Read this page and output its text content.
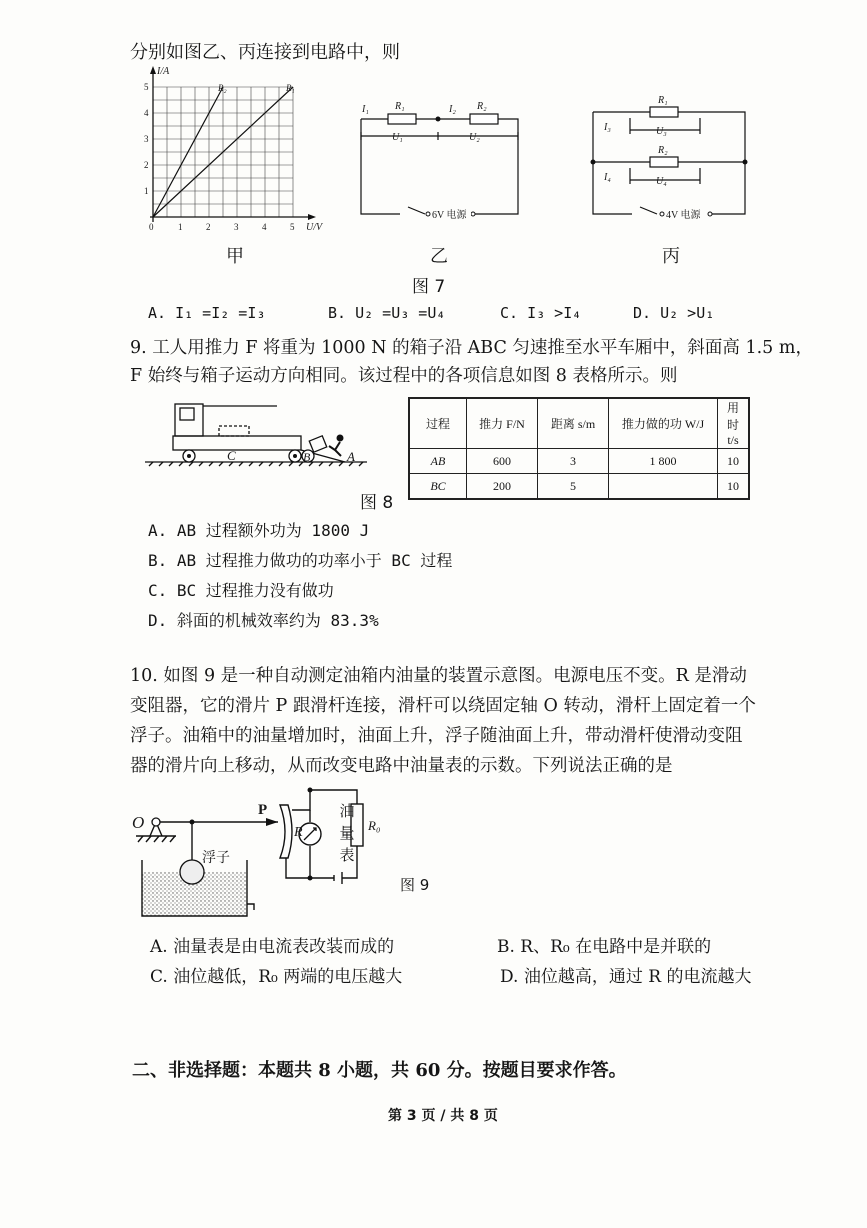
分别如图乙、丙连接到电路中，则
I/A
U/V
R₂	R₁
0	1	2	3	4	5
1
2
3
4
5
甲
I₁	R₁	I₂ R₂
U₁	U₂
6V 电源
乙
R₁
I₃	U₃
R₂
I₄	U₄
4V 电源
丙
图 7
A. I₁ =I₂ =I₃	B. U₂ =U₃ =U₄	C. I₃ >I₄	D. U₂ >U₁
9. 工人用推力 F 将重为 1000 N 的箱子沿 ABC 匀速推至水平车厢中，斜面高 1.5 m，
F 始终与箱子运动方向相同。该过程中的各项信息如图 8 表格所示。则
C	B	A
过程	推力 F/N	距离 s/m	推力做的功 W/J	用时 t/s
AB	600	3	1 800	10
BC	200	5		10
图 8
A. AB 过程额外功为 1800 J
B. AB 过程推力做功的功率小于 BC 过程
C. BC 过程推力没有做功
D. 斜面的机械效率约为 83.3%
10. 如图 9 是一种自动测定油箱内油量的装置示意图。电源电压不变。R 是滑动
变阻器，它的滑片 P 跟滑杆连接，滑杆可以绕固定轴 O 转动，滑杆上固定着一个
浮子。油箱中的油量增加时，油面上升，浮子随油面上升，带动滑杆使滑动变阻
器的滑片向上移动，从而改变电路中油量表的示数。下列说法正确的是
O
P
R	R₀
浮子
油量表
图 9
A. 油量表是由电流表改装而成的	B. R、R₀ 在电路中是并联的
C. 油位越低，R₀ 两端的电压越大	D. 油位越高，通过 R 的电流越大
二、非选择题：本题共 8 小题，共 60 分。按题目要求作答。
第 3 页 / 共 8 页
